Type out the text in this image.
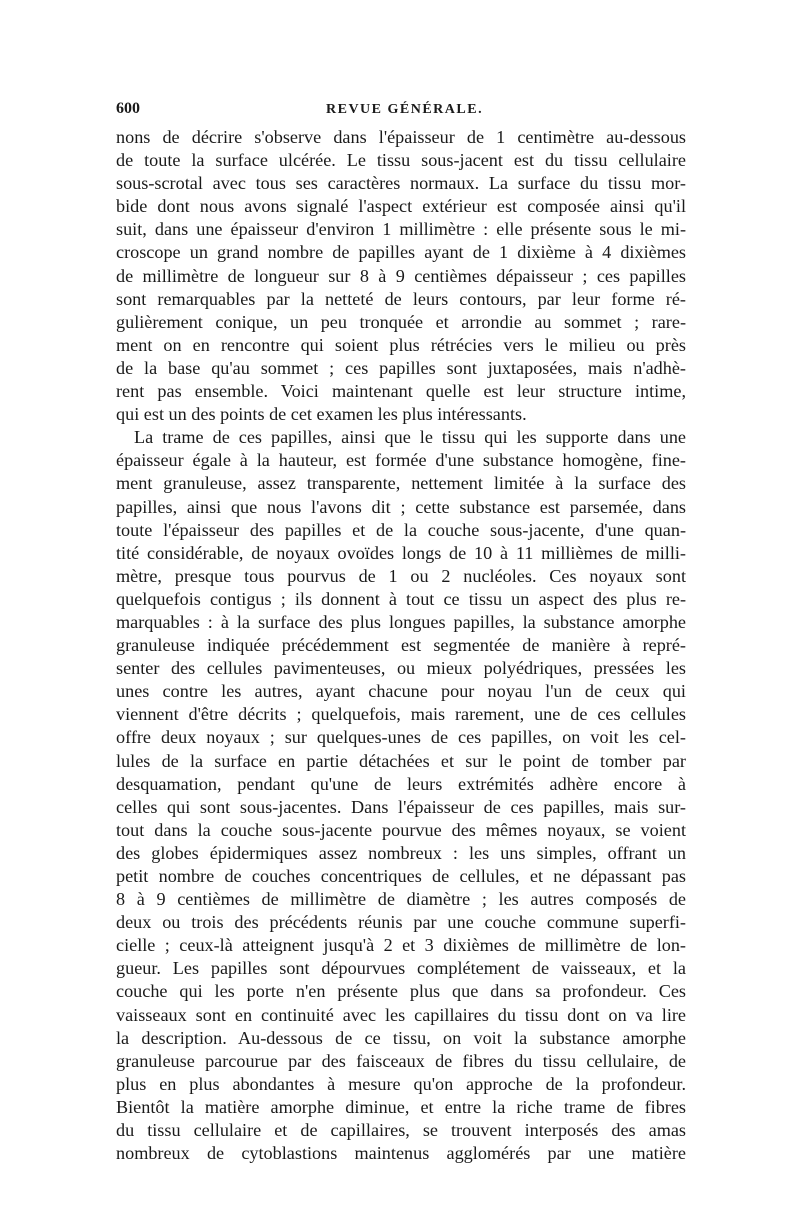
600	REVUE GÉNÉRALE.
nons de décrire s'observe dans l'épaisseur de 1 centimètre au-dessous
de toute la surface ulcérée. Le tissu sous-jacent est du tissu cellulaire
sous-scrotal avec tous ses caractères normaux. La surface du tissu mor-
bide dont nous avons signalé l'aspect extérieur est composée ainsi qu'il
suit, dans une épaisseur d'environ 1 millimètre : elle présente sous le mi-
croscope un grand nombre de papilles ayant de 1 dixième à 4 dixièmes
de millimètre de longueur sur 8 à 9 centièmes dépaisseur ; ces papilles
sont remarquables par la netteté de leurs contours, par leur forme ré-
gulièrement conique, un peu tronquée et arrondie au sommet ; rare-
ment on en rencontre qui soient plus rétrécies vers le milieu ou près
de la base qu'au sommet ; ces papilles sont juxtaposées, mais n'adhè-
rent pas ensemble. Voici maintenant quelle est leur structure intime,
qui est un des points de cet examen les plus intéressants.
La trame de ces papilles, ainsi que le tissu qui les supporte dans une
épaisseur égale à la hauteur, est formée d'une substance homogène, fine-
ment granuleuse, assez transparente, nettement limitée à la surface des
papilles, ainsi que nous l'avons dit ; cette substance est parsemée, dans
toute l'épaisseur des papilles et de la couche sous-jacente, d'une quan-
tité considérable, de noyaux ovoïdes longs de 10 à 11 millièmes de milli-
mètre, presque tous pourvus de 1 ou 2 nucléoles. Ces noyaux sont
quelquefois contigus ; ils donnent à tout ce tissu un aspect des plus re-
marquables : à la surface des plus longues papilles, la substance amorphe
granuleuse indiquée précédemment est segmentée de manière à repré-
senter des cellules pavimenteuses, ou mieux polyédriques, pressées les
unes contre les autres, ayant chacune pour noyau l'un de ceux qui
viennent d'être décrits ; quelquefois, mais rarement, une de ces cellules
offre deux noyaux ; sur quelques-unes de ces papilles, on voit les cel-
lules de la surface en partie détachées et sur le point de tomber par
desquamation, pendant qu'une de leurs extrémités adhère encore à
celles qui sont sous-jacentes. Dans l'épaisseur de ces papilles, mais sur-
tout dans la couche sous-jacente pourvue des mêmes noyaux, se voient
des globes épidermiques assez nombreux : les uns simples, offrant un
petit nombre de couches concentriques de cellules, et ne dépassant pas
8 à 9 centièmes de millimètre de diamètre ; les autres composés de
deux ou trois des précédents réunis par une couche commune superfi-
cielle ; ceux-là atteignent jusqu'à 2 et 3 dixièmes de millimètre de lon-
gueur. Les papilles sont dépourvues complétement de vaisseaux, et la
couche qui les porte n'en présente plus que dans sa profondeur. Ces
vaisseaux sont en continuité avec les capillaires du tissu dont on va lire
la description. Au-dessous de ce tissu, on voit la substance amorphe
granuleuse parcourue par des faisceaux de fibres du tissu cellulaire, de
plus en plus abondantes à mesure qu'on approche de la profondeur.
Bientôt la matière amorphe diminue, et entre la riche trame de fibres
du tissu cellulaire et de capillaires, se trouvent interposés des amas
nombreux de cytoblastions maintenus agglomérés par une matière
